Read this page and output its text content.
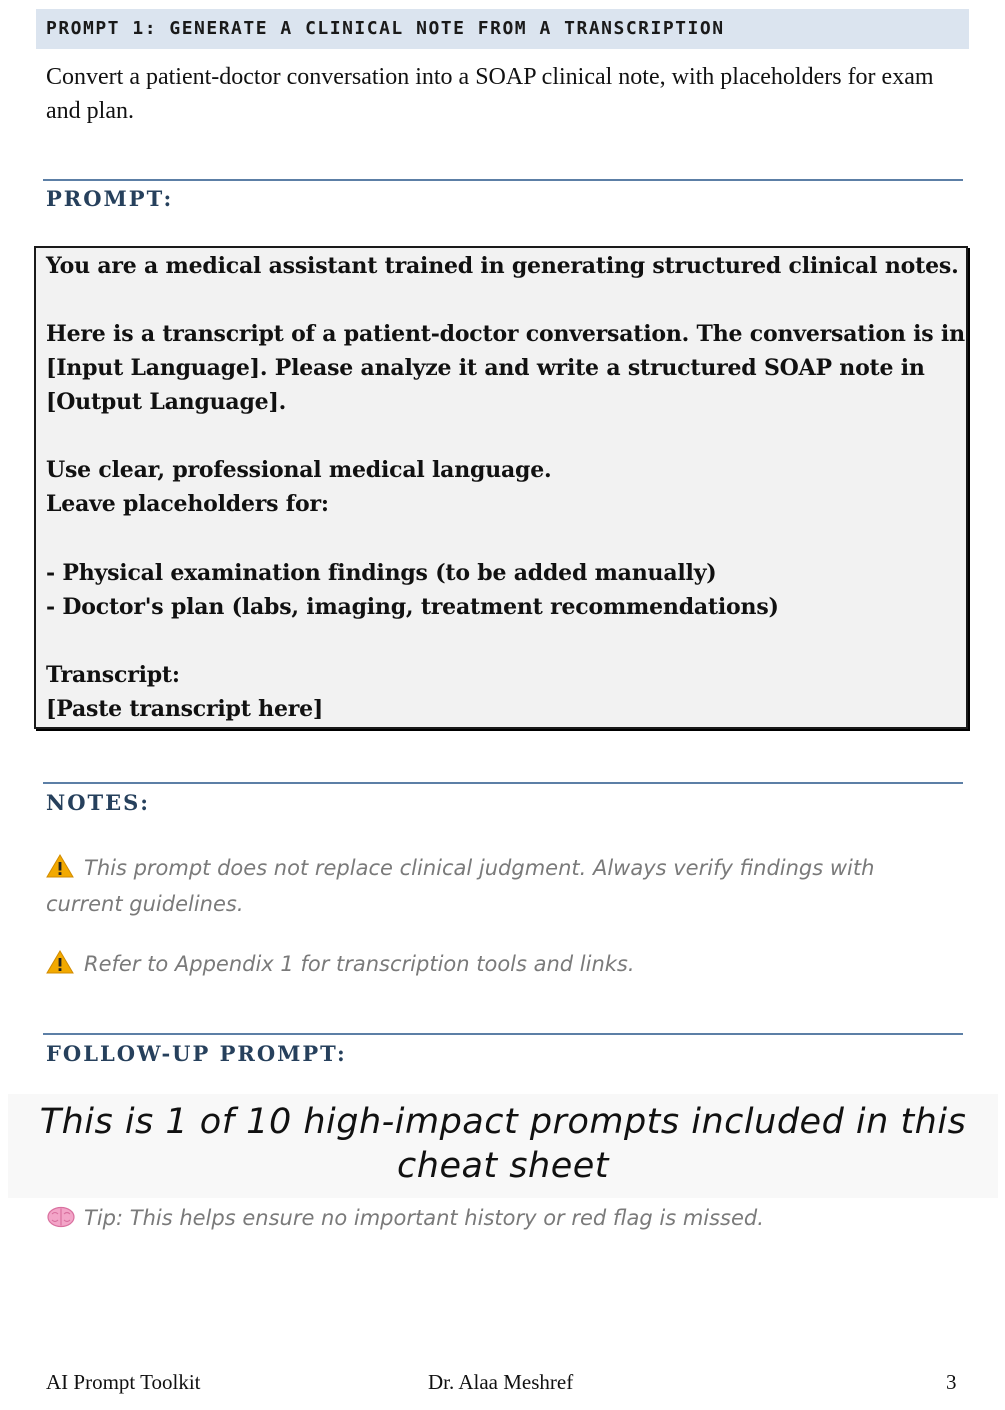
PROMPT 1: GENERATE A CLINICAL NOTE FROM A TRANSCRIPTION
Convert a patient-doctor conversation into a SOAP clinical note, with placeholders for exam and plan.
PROMPT:
You are a medical assistant trained in generating structured clinical notes.
Here is a transcript of a patient-doctor conversation. The conversation is in
[Input Language]. Please analyze it and write a structured SOAP note in
[Output Language].
Use clear, professional medical language.
Leave placeholders for:
- Physical examination findings (to be added manually)
- Doctor's plan (labs, imaging, treatment recommendations)
Transcript:
[Paste transcript here]
NOTES:
This prompt does not replace clinical judgment. Always verify findings with current guidelines.
Refer to Appendix 1 for transcription tools and links.
FOLLOW-UP PROMPT:
This is 1 of 10 high-impact prompts included in this cheat sheet
Tip: This helps ensure no important history or red flag is missed.
AI Prompt Toolkit	Dr. Alaa Meshref	3
